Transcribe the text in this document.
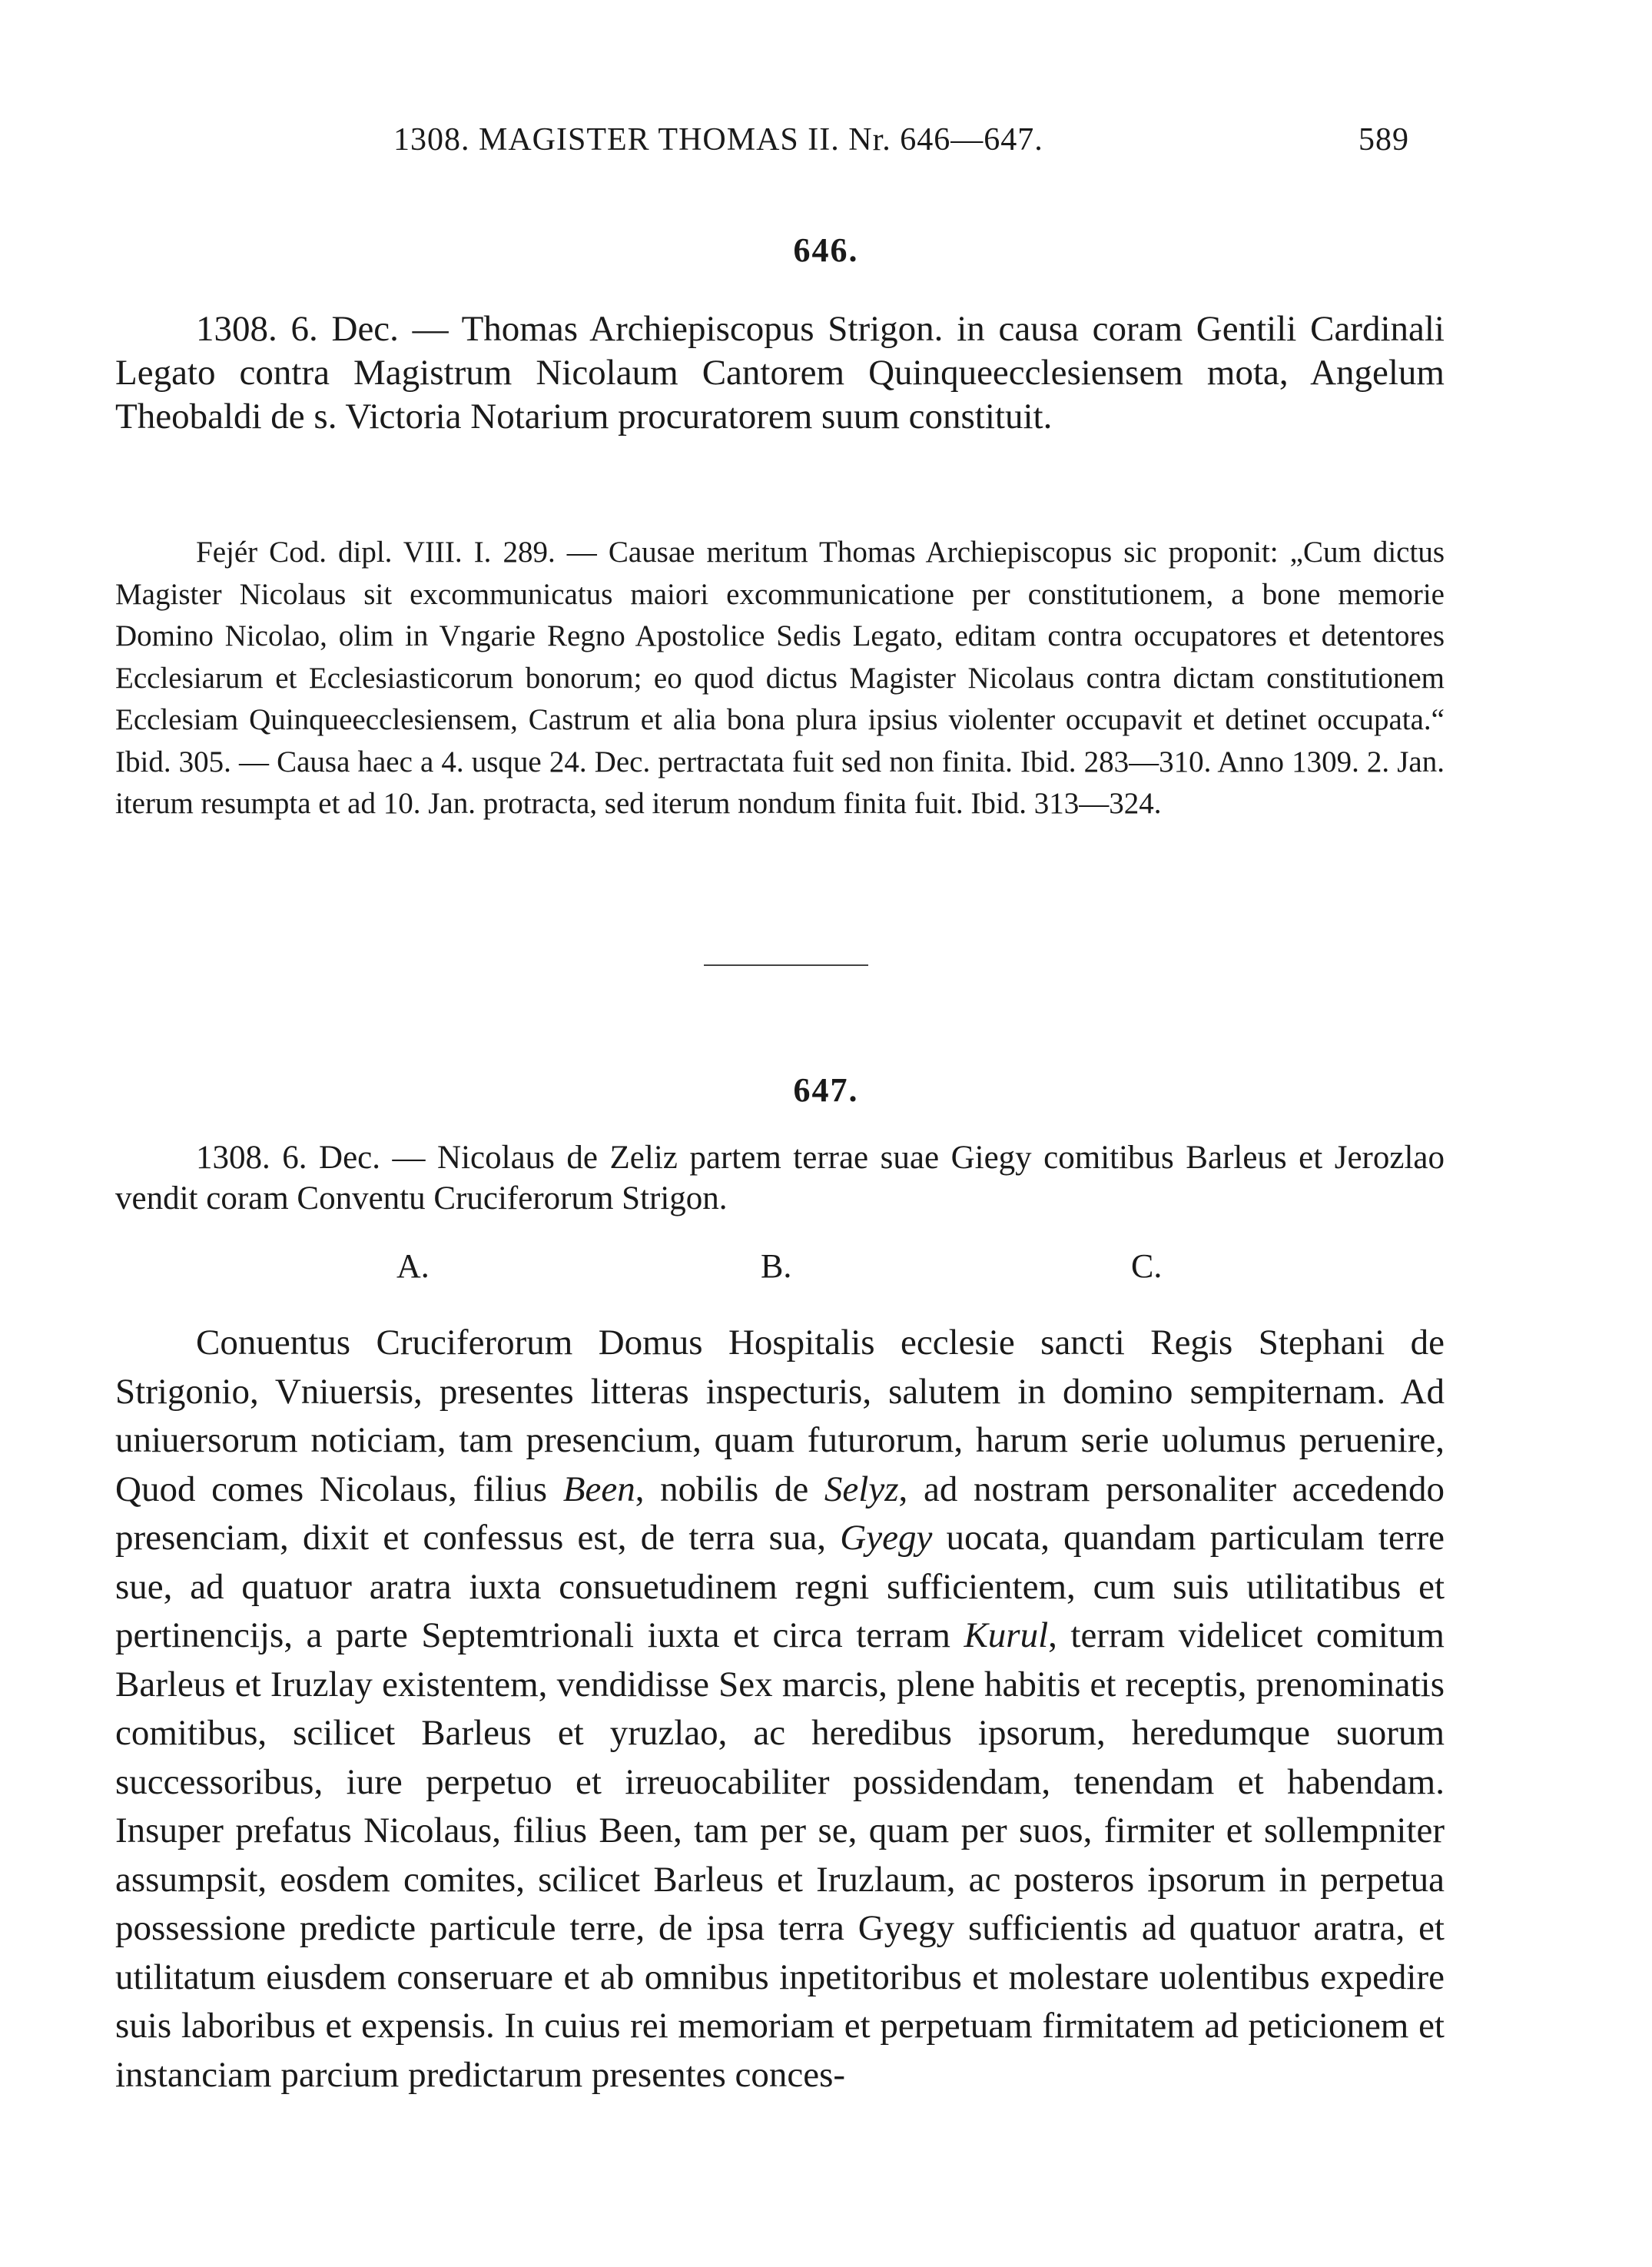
1308. MAGISTER THOMAS II. Nr. 646—647.	589
646.

1308. 6. Dec. — Thomas Archiepiscopus Strigon. in causa coram Gentili Cardinali Legato contra Magistrum Nicolaum Cantorem Quinqueecclesiensem mota, Angelum Theobaldi de s. Victoria Notarium procuratorem suum constituit.

Fejér Cod. dipl. VIII. I. 289. — Causae meritum Thomas Archiepiscopus sic proponit: „Cum dictus Magister Nicolaus sit excommunicatus maiori excommunicatione per constitutionem, a bone memorie Domino Nicolao, olim in Vngarie Regno Apostolice Sedis Legato, editam contra occupatores et detentores Ecclesiarum et Ecclesiasticorum bonorum; eo quod dictus Magister Nicolaus contra dictam constitutionem Ecclesiam Quinqueecclesiensem, Castrum et alia bona plura ipsius violenter occupavit et detinet occupata.“ Ibid. 305. — Causa haec a 4. usque 24. Dec. pertractata fuit sed non finita. Ibid. 283—310. Anno 1309. 2. Jan. iterum resumpta et ad 10. Jan. protracta, sed iterum nondum finita fuit. Ibid. 313—324.

647.

1308. 6. Dec. — Nicolaus de Zeliz partem terrae suae Giegy comitibus Barleus et Jerozlao vendit coram Conventu Cruciferorum Strigon.

A.	B.	C.

Conuentus Cruciferorum Domus Hospitalis ecclesie sancti Regis Stephani de Strigonio, Vniuersis, presentes litteras inspecturis, salutem in domino sempiternam. Ad uniuersorum noticiam, tam presencium, quam futurorum, harum serie uolumus peruenire, Quod comes Nicolaus, filius Been, nobilis de Selyz, ad nostram personaliter accedendo presenciam, dixit et confessus est, de terra sua, Gyegy uocata, quandam particulam terre sue, ad quatuor aratra iuxta consuetudinem regni sufficientem, cum suis utilitatibus et pertinencijs, a parte Septemtrionali iuxta et circa terram Kurul, terram videlicet comitum Barleus et Iruzlay existentem, vendidisse Sex marcis, plene habitis et receptis, prenominatis comitibus, scilicet Barleus et yruzlao, ac heredibus ipsorum, heredumque suorum successoribus, iure perpetuo et irreuocabiliter possidendam, tenendam et habendam. Insuper prefatus Nicolaus, filius Been, tam per se, quam per suos, firmiter et sollempniter assumpsit, eosdem comites, scilicet Barleus et Iruzlaum, ac posteros ipsorum in perpetua possessione predicte particule terre, de ipsa terra Gyegy sufficientis ad quatuor aratra, et utilitatum eiusdem conseruare et ab omnibus inpetitoribus et molestare uolentibus expedire suis laboribus et expensis. In cuius rei memoriam et perpetuam firmitatem ad peticionem et instanciam parcium predictarum presentes conces-
